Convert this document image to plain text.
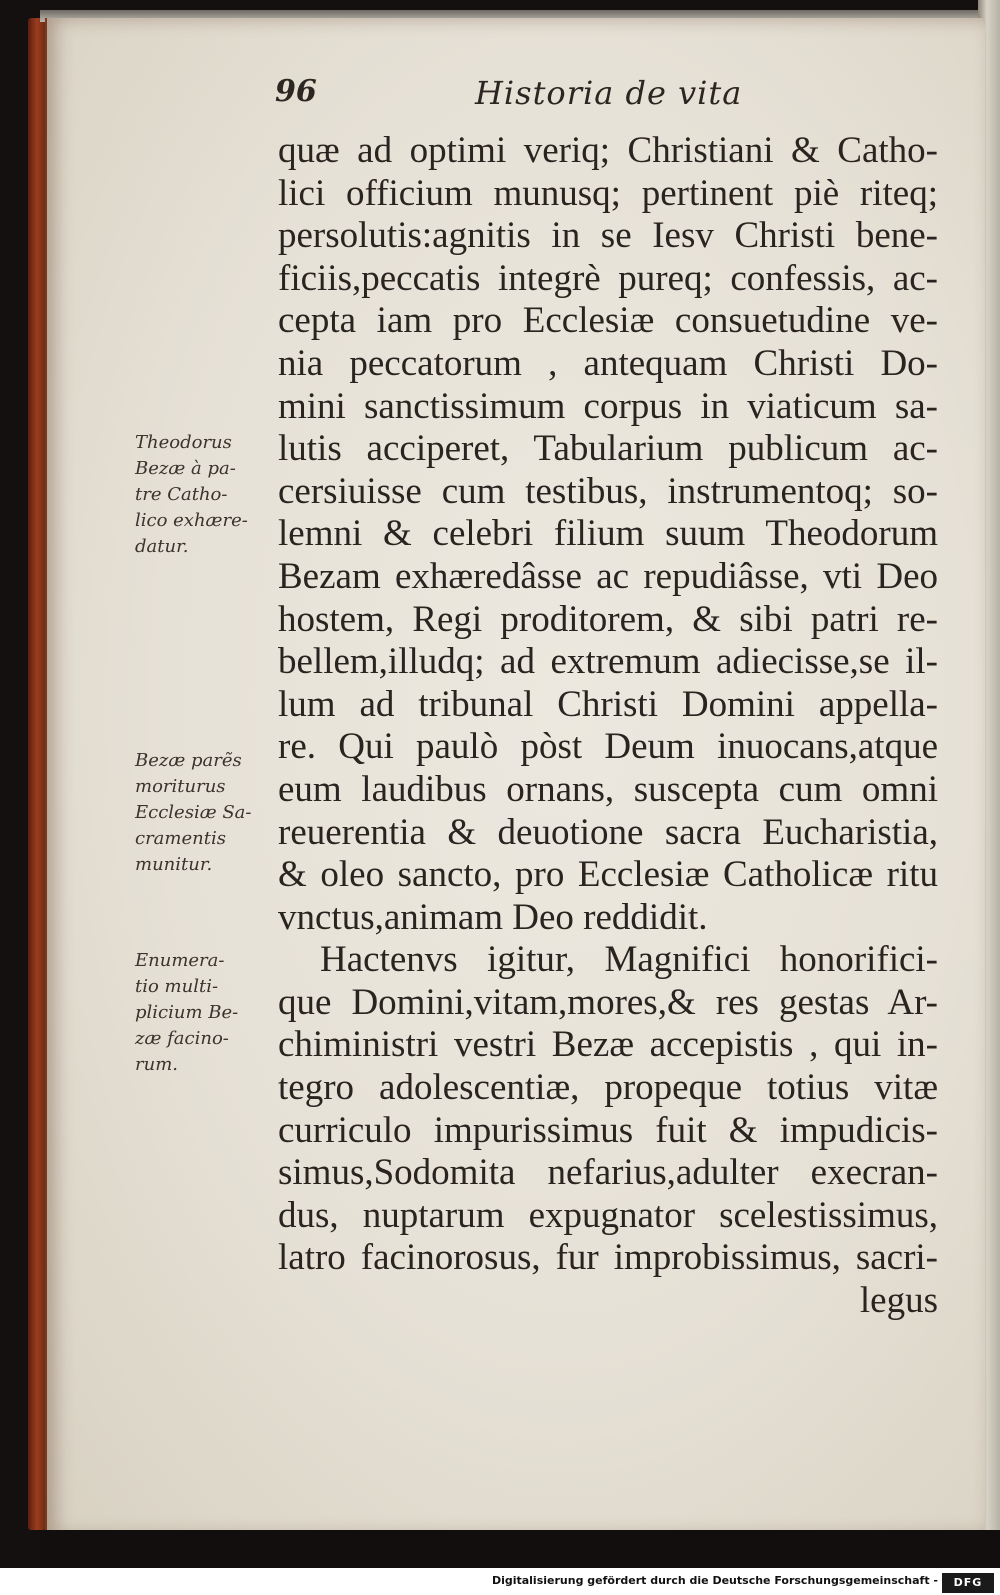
96	Historia de vita
Theodorus
Bezæ à pa-
tre Catho-
lico exhære-
datur.
Bezæ parẽs
moriturus
Ecclesiæ Sa-
cramentis
munitur.
Enumera-
tio multi-
plicium Be-
zæ facino-
rum.
quæ ad optimi veriq; Christiani & Catho-
lici officium munusq; pertinent piè riteq;
persolutis:agnitis in se Iesv Christi bene-
ficiis,peccatis integrè pureq; confessis, ac-
cepta iam pro Ecclesiæ consuetudine ve-
nia peccatorum , antequam Christi Do-
mini sanctissimum corpus in viaticum sa-
lutis acciperet, Tabularium publicum ac-
cersiuisse cum testibus, instrumentoq; so-
lemni & celebri filium suum Theodorum
Bezam exhæredâsse ac repudiâsse, vti Deo
hostem, Regi proditorem, & sibi patri re-
bellem,illudq; ad extremum adiecisse,se il-
lum ad tribunal Christi Domini appella-
re. Qui paulò pòst Deum inuocans,atque
eum laudibus ornans, suscepta cum omni
reuerentia & deuotione sacra Eucharistia,
& oleo sancto, pro Ecclesiæ Catholicæ ritu
vnctus,animam Deo reddidit.
Hactenvs igitur, Magnifici honorifici-
que Domini,vitam,mores,& res gestas Ar-
chiministri vestri Bezæ accepistis , qui in-
tegro adolescentiæ, propeque totius vitæ
curriculo impurissimus fuit & impudicis-
simus,Sodomita nefarius,adulter execran-
dus, nuptarum expugnator scelestissimus,
latro facinorosus, fur improbissimus, sacri-
legus
Digitalisierung gefördert durch die Deutsche Forschungsgemeinschaft -	DFG
